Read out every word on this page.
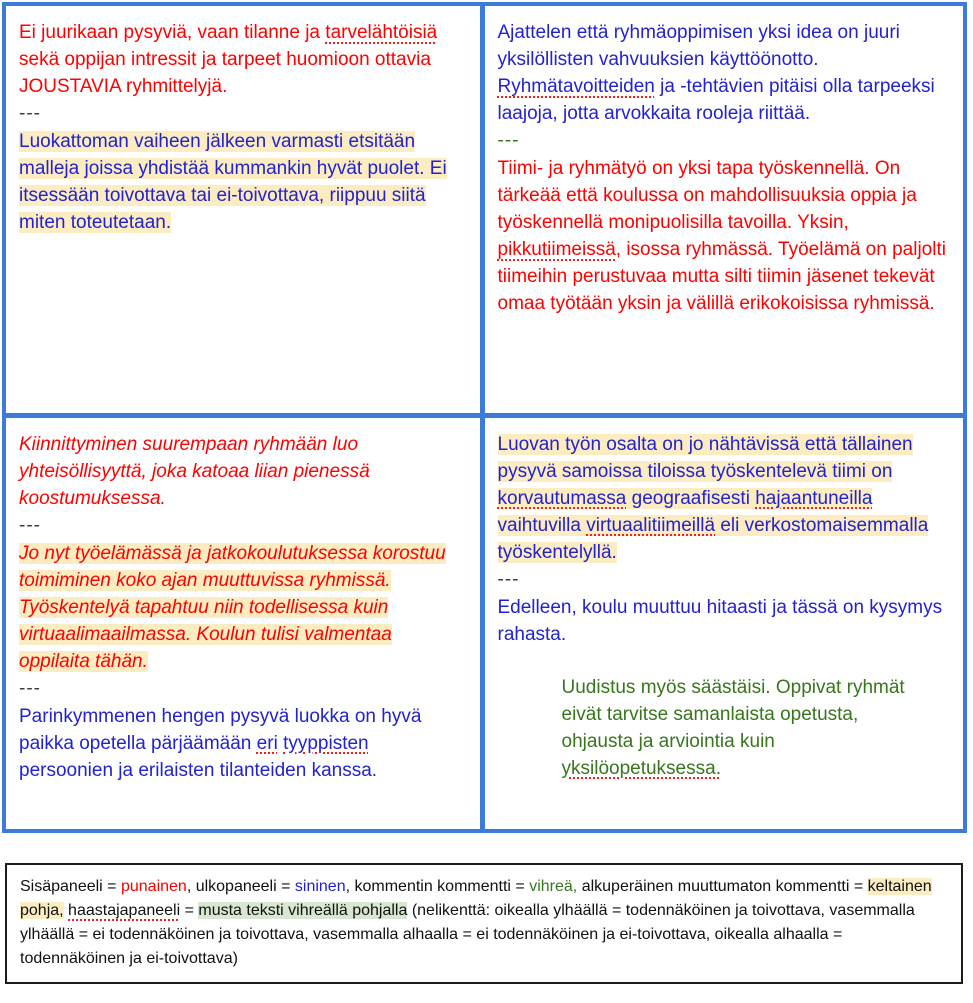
Ei juurikaan pysyviä, vaan tilanne ja tarvelähtöisiä sekä oppijan intressit ja tarpeet huomioon ottavia JOUSTAVIA ryhmittelyjä.

---

Luokattoman vaiheen jälkeen varmasti etsitään malleja joissa yhdistää kummankin hyvät puolet. Ei itsessään toivottava tai ei-toivottava, riippuu siitä miten toteutetaan.

Ajattelen että ryhmäoppimisen yksi idea on juuri yksilöllisten vahvuuksien käyttöönotto. Ryhmätavoitteiden ja -tehtävien pitäisi olla tarpeeksi laajoja, jotta arvokkaita rooleja riittää.

---

Tiimi- ja ryhmätyö on yksi tapa työskennellä. On tärkeää että koulussa on mahdollisuuksia oppia ja työskennellä monipuolisilla tavoilla. Yksin, pikkutiimeissä, isossa ryhmässä. Työelämä on paljolti tiimeihin perustuvaa mutta silti tiimin jäsenet tekevät omaa työtään yksin ja välillä erikokoisissa ryhmissä.

Kiinnittyminen suurempaan ryhmään luo yhteisöllisyyttä, joka katoaa liian pienessä koostumuksessa.

---

Jo nyt työelämässä ja jatkokoulutuksessa korostuu toimiminen koko ajan muuttuvissa ryhmissä. Työskentelyä tapahtuu niin todellisessa kuin virtuaalimaailmassa. Koulun tulisi valmentaa oppilaita tähän.

---

Parinkymmenen hengen pysyvä luokka on hyvä paikka opetella pärjäämään eri tyyppisten persoonien ja erilaisten tilanteiden kanssa.

Luovan työn osalta on jo nähtävissä että tällainen pysyvä samoissa tiloissa työskentelevä tiimi on korvautumassa geograafisesti hajaantuneilla vaihtuvilla virtuaalitiimeillä eli verkostomaisemmalla työskentelyllä.

---

Edelleen, koulu muuttuu hitaasti ja tässä on kysymys rahasta.

Uudistus myös säästäisi. Oppivat ryhmät eivät tarvitse samanlaista opetusta, ohjausta ja arviointia kuin yksilöopetuksessa.

Sisäpaneeli = punainen, ulkopaneeli = sininen, kommentin kommentti = vihreä, alkuperäinen muuttumaton kommentti = keltainen pohja, haastajapaneeli = musta teksti vihreällä pohjalla (nelikenttä: oikealla ylhäällä = todennäköinen ja toivottava, vasemmalla ylhäällä = ei todennäköinen ja toivottava, vasemmalla alhaalla = ei todennäköinen ja ei-toivottava, oikealla alhaalla = todennäköinen ja ei-toivottava)
